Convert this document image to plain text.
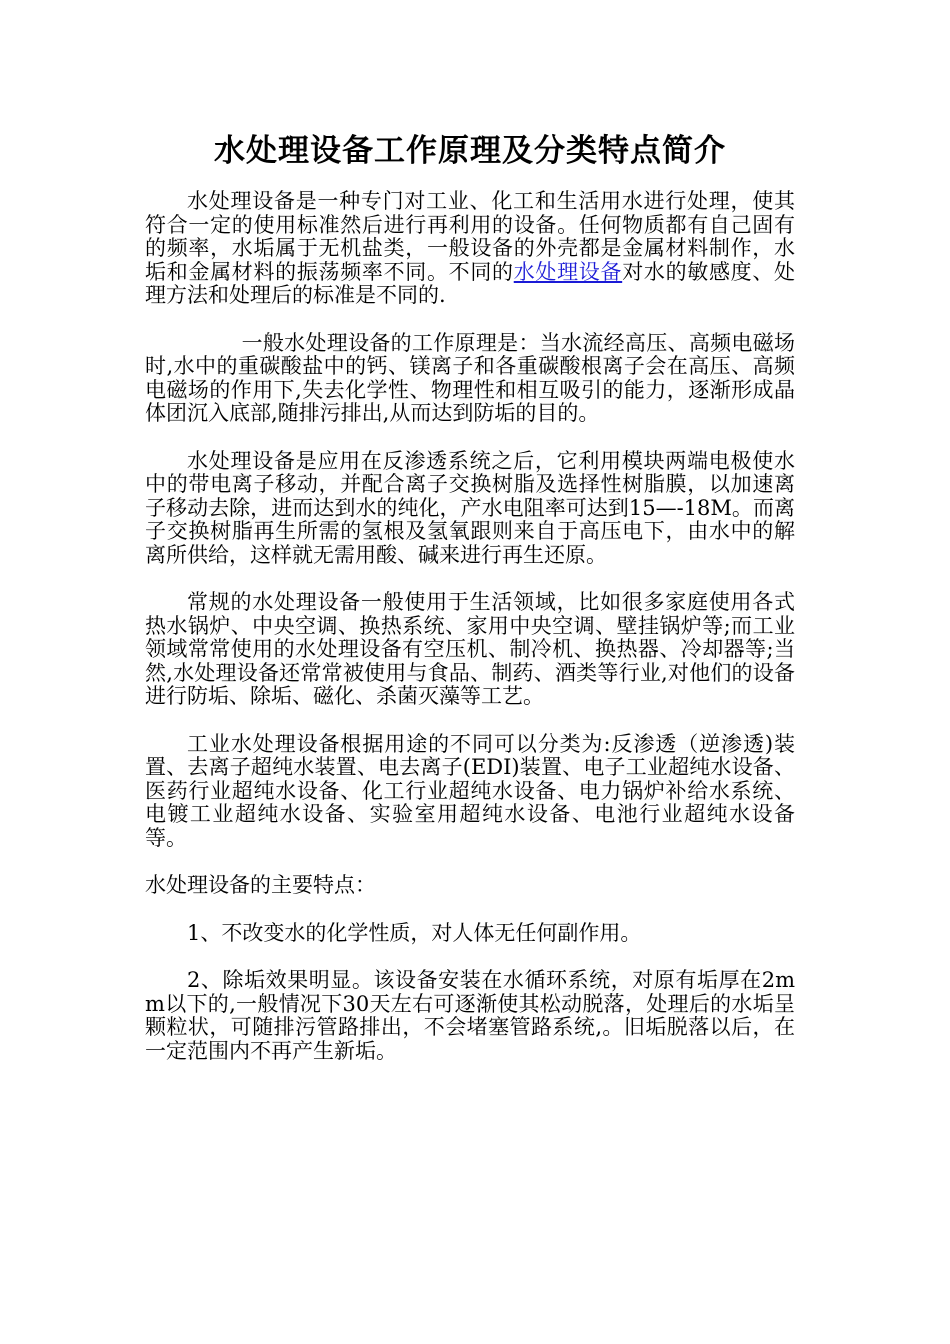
水处理设备工作原理及分类特点简介

水处理设备是一种专门对工业、化工和生活用水进行处理，使其符合一定的使用标准然后进行再利用的设备。任何物质都有自己固有的频率，水垢属于无机盐类，一般设备的外壳都是金属材料制作，水垢和金属材料的振荡频率不同。不同的水处理设备对水的敏感度、处理方法和处理后的标准是不同的.

一般水处理设备的工作原理是：当水流经高压、高频电磁场时,水中的重碳酸盐中的钙、镁离子和各重碳酸根离子会在高压、高频电磁场的作用下,失去化学性、物理性和相互吸引的能力，逐渐形成晶体团沉入底部,随排污排出,从而达到防垢的目的。

水处理设备是应用在反渗透系统之后，它利用模块两端电极使水中的带电离子移动，并配合离子交换树脂及选择性树脂膜，以加速离子移动去除，进而达到水的纯化，产水电阻率可达到15—-18M。而离子交换树脂再生所需的氢根及氢氧跟则来自于高压电下，由水中的解离所供给，这样就无需用酸、碱来进行再生还原。

常规的水处理设备一般使用于生活领域，比如很多家庭使用各式热水锅炉、中央空调、换热系统、家用中央空调、壁挂锅炉等;而工业领域常常使用的水处理设备有空压机、制冷机、换热器、冷却器等;当然,水处理设备还常常被使用与食品、制药、酒类等行业,对他们的设备进行防垢、除垢、磁化、杀菌灭藻等工艺。

工业水处理设备根据用途的不同可以分类为:反渗透（逆渗透)装置、去离子超纯水装置、电去离子(EDI)装置、电子工业超纯水设备、医药行业超纯水设备、化工行业超纯水设备、电力锅炉补给水系统、电镀工业超纯水设备、实验室用超纯水设备、电池行业超纯水设备等。

水处理设备的主要特点：

1、不改变水的化学性质，对人体无任何副作用。

2、除垢效果明显。该设备安装在水循环系统，对原有垢厚在2mm以下的,一般情况下30天左右可逐渐使其松动脱落，处理后的水垢呈颗粒状，可随排污管路排出，不会堵塞管路系统,。旧垢脱落以后，在一定范围内不再产生新垢。
